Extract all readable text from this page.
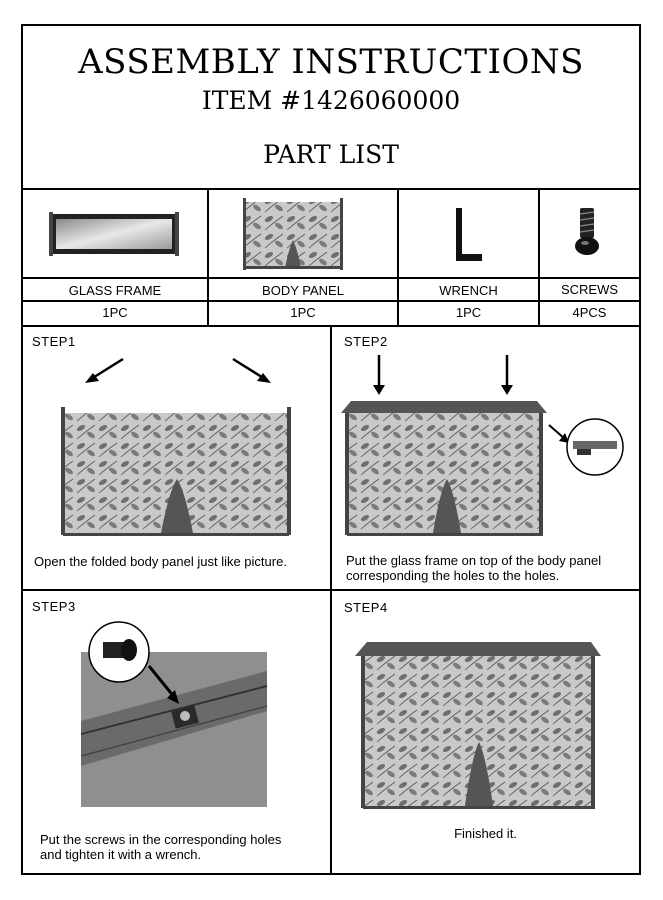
ASSEMBLY INSTRUCTIONS
ITEM #1426060000
PART LIST
GLASS FRAME	BODY PANEL	WRENCH	SCREWS
1PC	1PC	1PC	4PCS
STEP1
Open the folded body panel just like picture.
STEP2
Put the glass frame on top of the body panel
corresponding the holes to the holes.
STEP3
Put the screws in the corresponding holes
and tighten it with a wrench.
STEP4
Finished it.
